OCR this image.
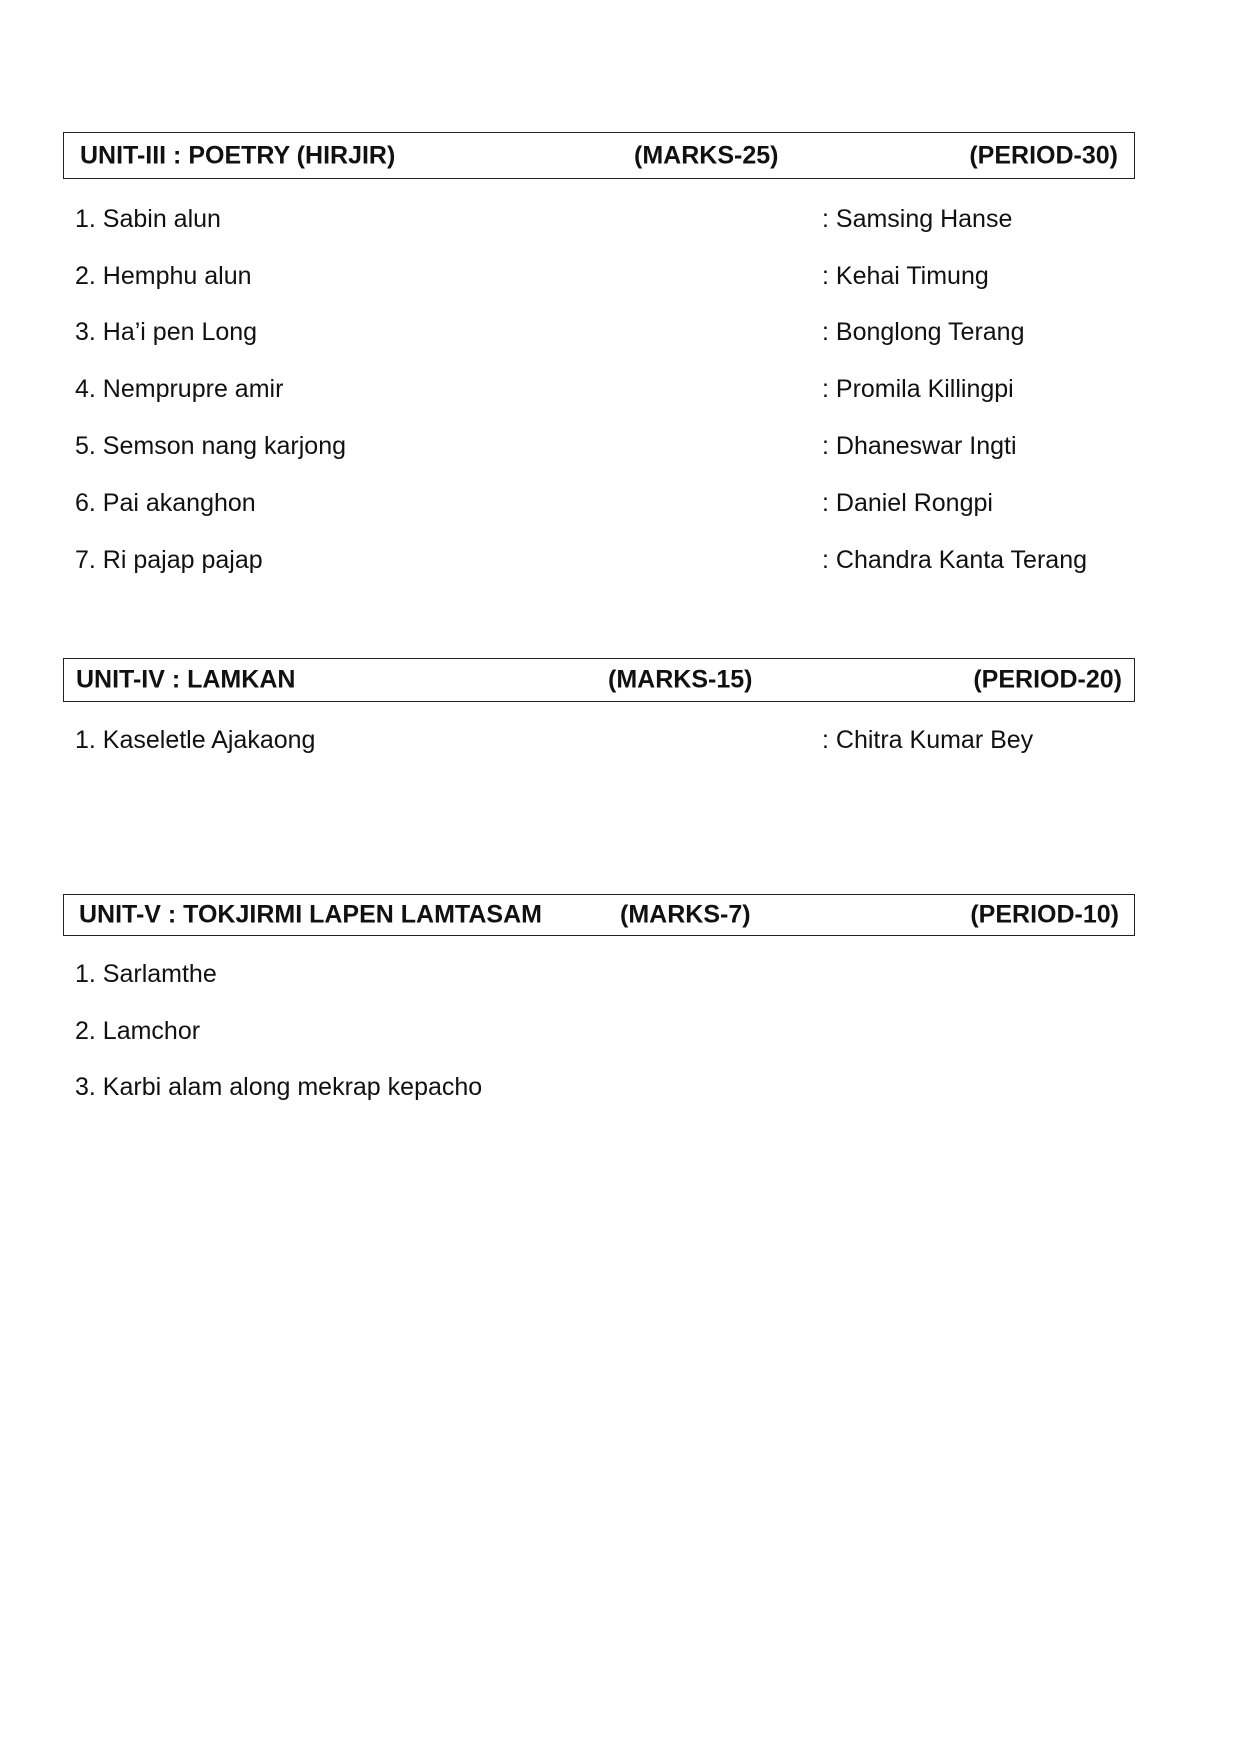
UNIT-III : POETRY (HIRJIR)	(MARKS-25)	(PERIOD-30)
1. Sabin alun	: Samsing Hanse
2. Hemphu alun	: Kehai Timung
3. Ha’i pen Long	: Bonglong Terang
4. Nemprupre amir	: Promila Killingpi
5. Semson nang karjong	: Dhaneswar Ingti
6. Pai akanghon	: Daniel Rongpi
7. Ri pajap pajap	: Chandra Kanta Terang
UNIT-IV : LAMKAN	(MARKS-15)	(PERIOD-20)
1. Kaseletle Ajakaong	: Chitra Kumar Bey
UNIT-V : TOKJIRMI LAPEN LAMTASAM	(MARKS-7)	(PERIOD-10)
1. Sarlamthe
2. Lamchor
3. Karbi alam along mekrap kepacho
